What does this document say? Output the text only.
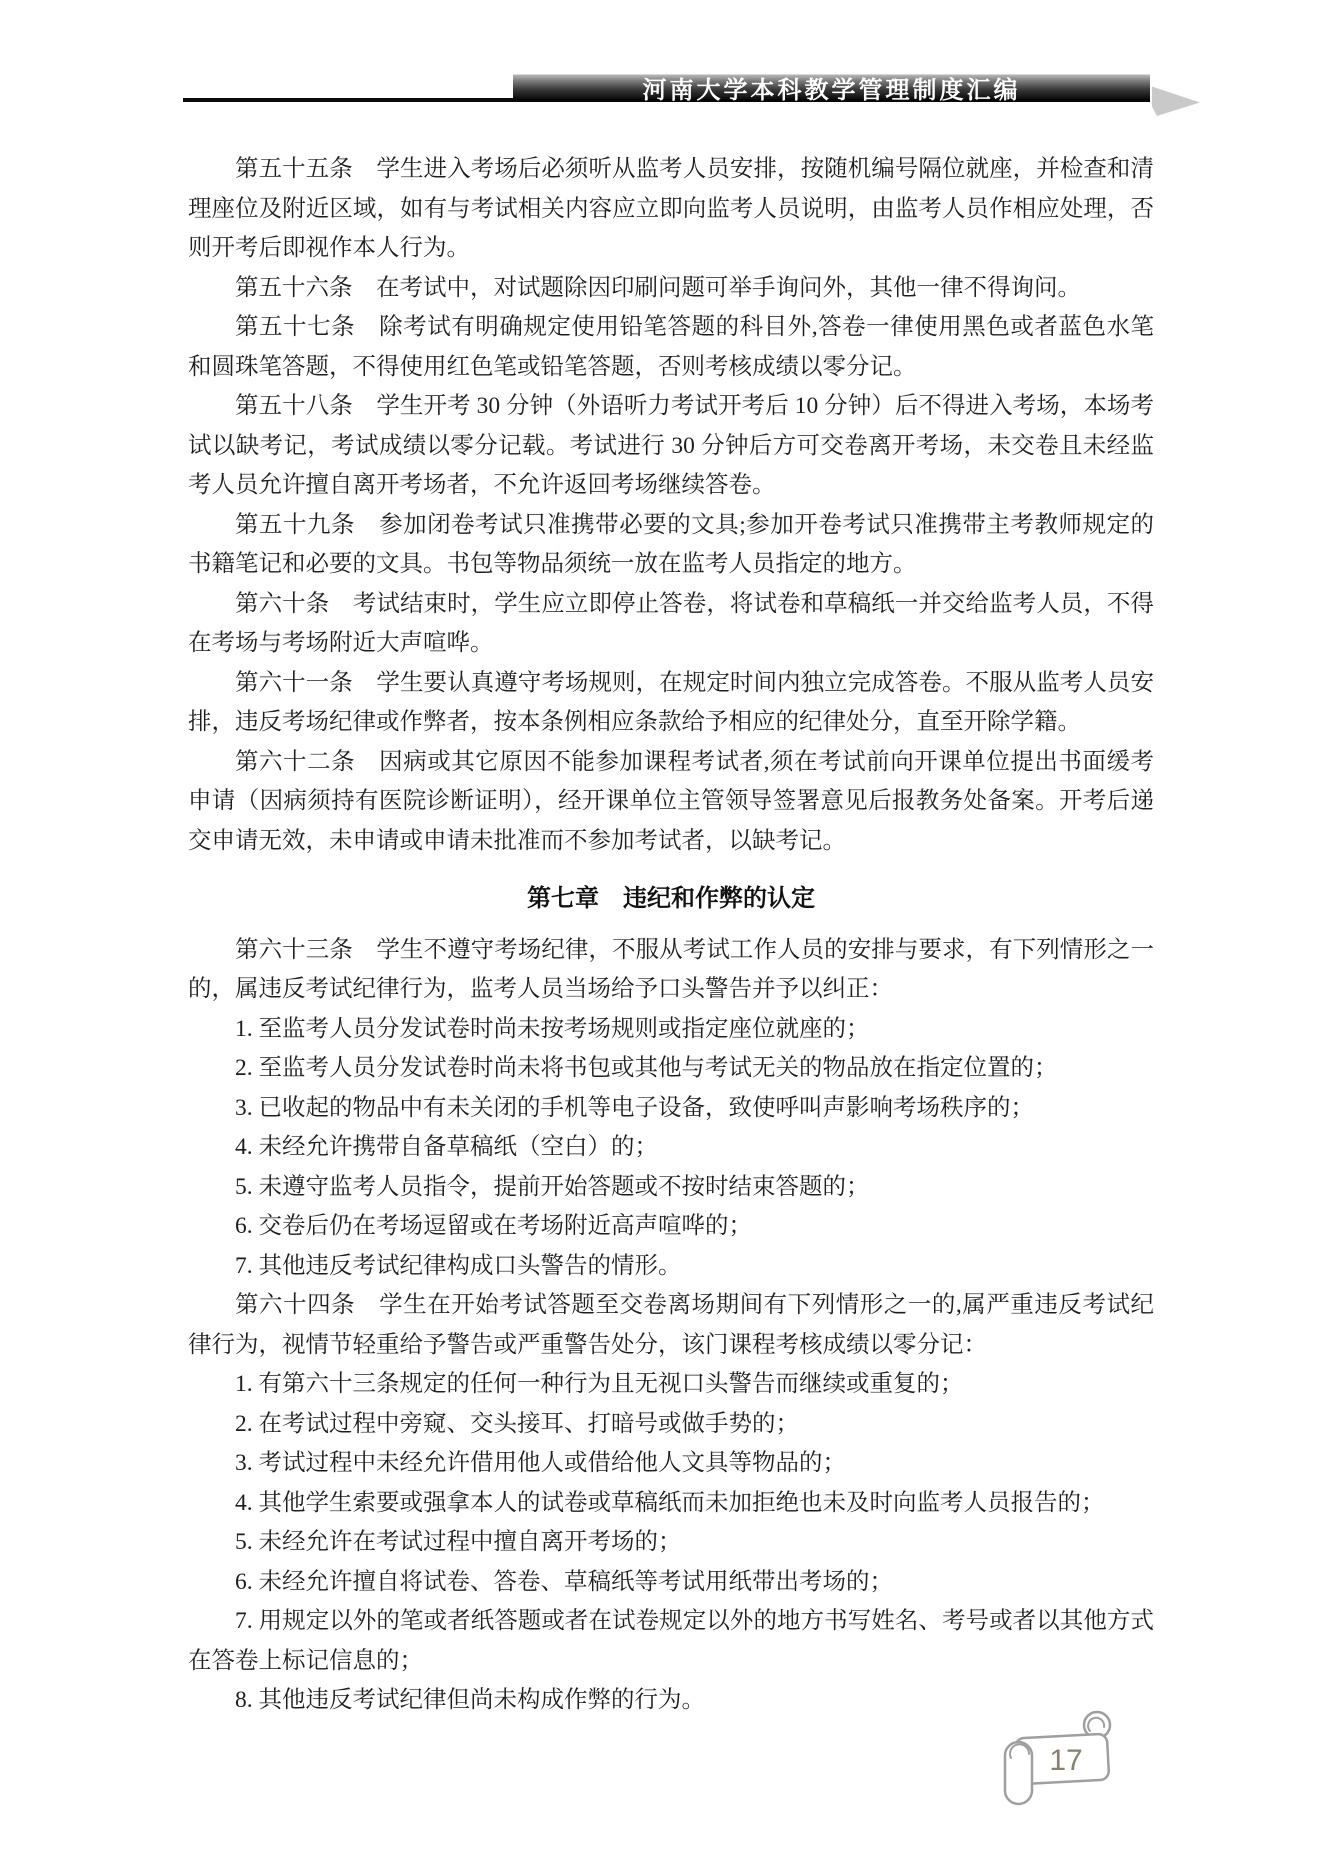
河南大学本科教学管理制度汇编

第五十五条　学生进入考场后必须听从监考人员安排，按随机编号隔位就座，并检查和清理座位及附近区域，如有与考试相关内容应立即向监考人员说明，由监考人员作相应处理，否则开考后即视作本人行为。

第五十六条　在考试中，对试题除因印刷问题可举手询问外，其他一律不得询问。

第五十七条　除考试有明确规定使用铅笔答题的科目外,答卷一律使用黑色或者蓝色水笔和圆珠笔答题，不得使用红色笔或铅笔答题，否则考核成绩以零分记。

第五十八条　学生开考 30 分钟（外语听力考试开考后 10 分钟）后不得进入考场，本场考试以缺考记，考试成绩以零分记载。考试进行 30 分钟后方可交卷离开考场，未交卷且未经监考人员允许擅自离开考场者，不允许返回考场继续答卷。

第五十九条　参加闭卷考试只准携带必要的文具;参加开卷考试只准携带主考教师规定的书籍笔记和必要的文具。书包等物品须统一放在监考人员指定的地方。

第六十条　考试结束时，学生应立即停止答卷，将试卷和草稿纸一并交给监考人员，不得在考场与考场附近大声喧哗。

第六十一条　学生要认真遵守考场规则，在规定时间内独立完成答卷。不服从监考人员安排，违反考场纪律或作弊者，按本条例相应条款给予相应的纪律处分，直至开除学籍。

第六十二条　因病或其它原因不能参加课程考试者,须在考试前向开课单位提出书面缓考申请（因病须持有医院诊断证明），经开课单位主管领导签署意见后报教务处备案。开考后递交申请无效，未申请或申请未批准而不参加考试者，以缺考记。

第七章　违纪和作弊的认定

第六十三条　学生不遵守考场纪律，不服从考试工作人员的安排与要求，有下列情形之一的，属违反考试纪律行为，监考人员当场给予口头警告并予以纠正：

1. 至监考人员分发试卷时尚未按考场规则或指定座位就座的；

2. 至监考人员分发试卷时尚未将书包或其他与考试无关的物品放在指定位置的；

3. 已收起的物品中有未关闭的手机等电子设备，致使呼叫声影响考场秩序的；

4. 未经允许携带自备草稿纸（空白）的；

5. 未遵守监考人员指令，提前开始答题或不按时结束答题的；

6. 交卷后仍在考场逗留或在考场附近高声喧哗的；

7. 其他违反考试纪律构成口头警告的情形。

第六十四条　学生在开始考试答题至交卷离场期间有下列情形之一的,属严重违反考试纪律行为，视情节轻重给予警告或严重警告处分，该门课程考核成绩以零分记：

1. 有第六十三条规定的任何一种行为且无视口头警告而继续或重复的；

2. 在考试过程中旁窥、交头接耳、打暗号或做手势的；

3. 考试过程中未经允许借用他人或借给他人文具等物品的；

4. 其他学生索要或强拿本人的试卷或草稿纸而未加拒绝也未及时向监考人员报告的；

5. 未经允许在考试过程中擅自离开考场的；

6. 未经允许擅自将试卷、答卷、草稿纸等考试用纸带出考场的；

7. 用规定以外的笔或者纸答题或者在试卷规定以外的地方书写姓名、考号或者以其他方式在答卷上标记信息的；

8. 其他违反考试纪律但尚未构成作弊的行为。

17
